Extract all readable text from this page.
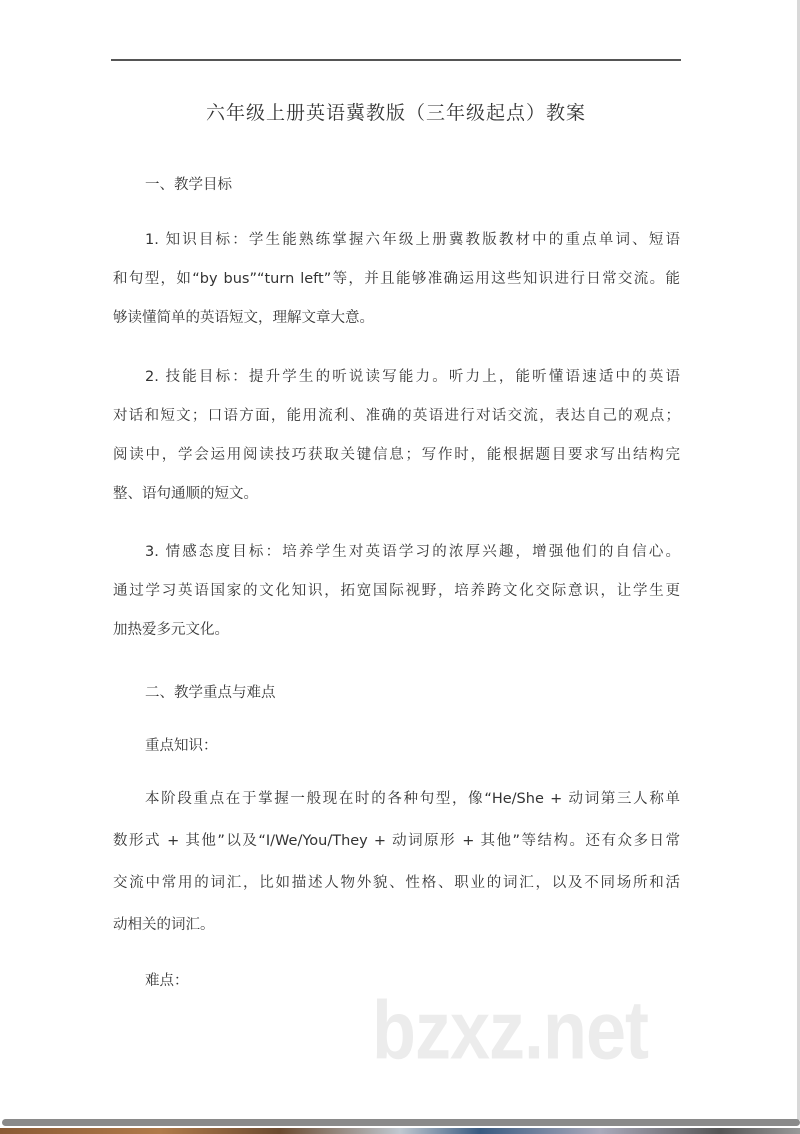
六年级上册英语冀教版（三年级起点）教案
一、教学目标
1. 知识目标：学生能熟练掌握六年级上册冀教版教材中的重点单词、短语
和句型，如“by bus”“turn left”等，并且能够准确运用这些知识进行日常交流。能
够读懂简单的英语短文，理解文章大意。
2. 技能目标：提升学生的听说读写能力。听力上，能听懂语速适中的英语
对话和短文；口语方面，能用流利、准确的英语进行对话交流，表达自己的观点；
阅读中，学会运用阅读技巧获取关键信息；写作时，能根据题目要求写出结构完
整、语句通顺的短文。
3. 情感态度目标：培养学生对英语学习的浓厚兴趣，增强他们的自信心。
通过学习英语国家的文化知识，拓宽国际视野，培养跨文化交际意识，让学生更
加热爱多元文化。
二、教学重点与难点
重点知识：
本阶段重点在于掌握一般现在时的各种句型，像“He/She + 动词第三人称单
数形式 + 其他”以及“I/We/You/They + 动词原形 + 其他”等结构。还有众多日常
交流中常用的词汇，比如描述人物外貌、性格、职业的词汇，以及不同场所和活
动相关的词汇。
难点：
bzxz.net
